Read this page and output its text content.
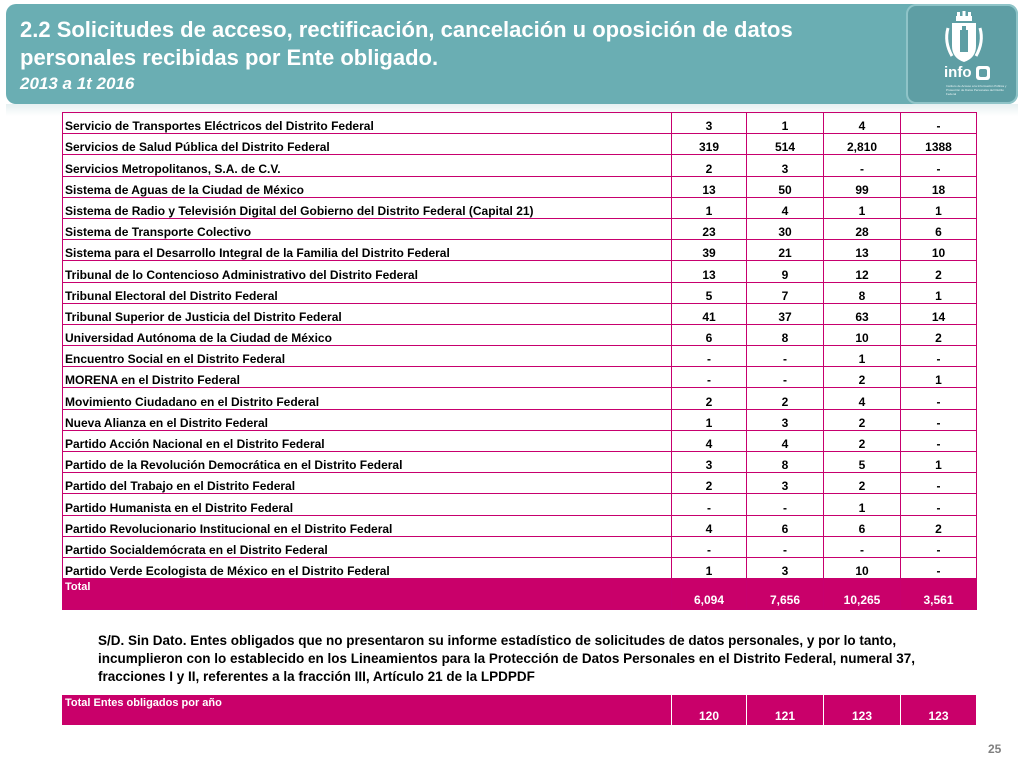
2.2 Solicitudes de acceso, rectificación, cancelación u oposición de datos
personales recibidas por Ente obligado.
2013 a 1t 2016
info
Instituto de Acceso a la Información Pública y Protección de Datos Personales del Distrito Federal
Servicio de Transportes Eléctricos del Distrito Federal	3	1	4	-
Servicios de Salud Pública del Distrito Federal	319	514	2,810	1388
Servicios Metropolitanos, S.A. de C.V.	2	3	-	-
Sistema de Aguas de la Ciudad de México	13	50	99	18
Sistema de Radio y Televisión Digital del Gobierno del Distrito Federal (Capital 21)	1	4	1	1
Sistema de Transporte Colectivo	23	30	28	6
Sistema para el Desarrollo Integral de la Familia del Distrito Federal	39	21	13	10
Tribunal de lo Contencioso Administrativo del Distrito Federal	13	9	12	2
Tribunal Electoral del Distrito Federal	5	7	8	1
Tribunal Superior de Justicia del Distrito Federal	41	37	63	14
Universidad Autónoma de la Ciudad de México	6	8	10	2
Encuentro Social en el Distrito Federal	-	-	1	-
MORENA en el Distrito Federal	-	-	2	1
Movimiento Ciudadano en el Distrito Federal	2	2	4	-
Nueva Alianza en el Distrito Federal	1	3	2	-
Partido Acción Nacional en el Distrito Federal	4	4	2	-
Partido de la Revolución Democrática en el Distrito Federal	3	8	5	1
Partido del Trabajo en el Distrito Federal	2	3	2	-
Partido Humanista en el Distrito Federal	-	-	1	-
Partido Revolucionario Institucional en el Distrito Federal	4	6	6	2
Partido Socialdemócrata en el Distrito Federal	-	-	-	-
Partido Verde Ecologista de México en el Distrito Federal	1	3	10	-
Total	6,094	7,656	10,265	3,561
S/D. Sin Dato. Entes obligados que no presentaron su informe estadístico de solicitudes de datos personales, y por lo tanto, incumplieron con lo establecido en los Lineamientos para la Protección de Datos Personales en el Distrito Federal, numeral 37, fracciones I y II, referentes a la fracción III, Artículo 21 de la LPDPDF
Total Entes obligados por año	120	121	123	123
25
